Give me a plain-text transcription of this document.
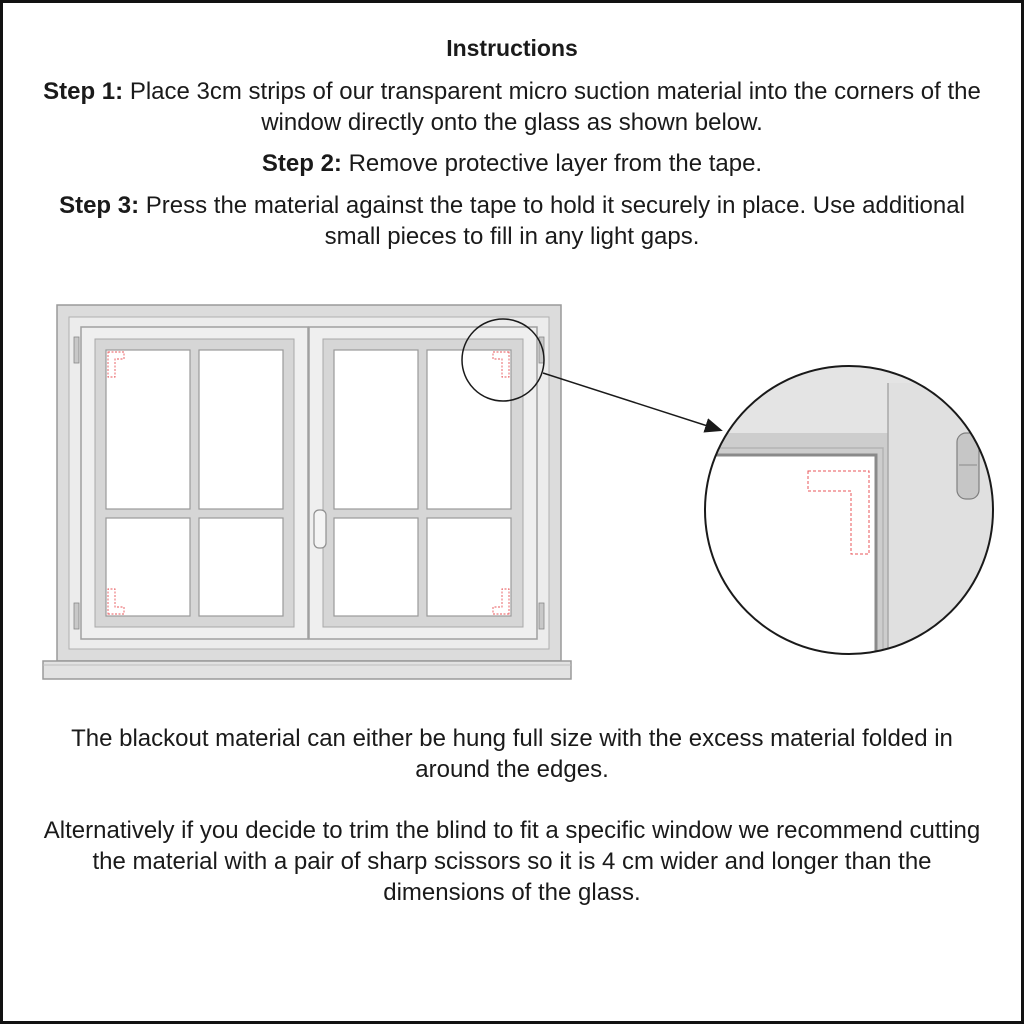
Instructions
Step 1: Place 3cm strips of our transparent micro suction material into the corners of the window directly onto the glass as shown below.
Step 2: Remove protective layer from the tape.
Step 3: Press the material against the tape to hold it securely in place. Use additional small pieces to fill in any light gaps.
The blackout material can either be hung full size with the excess material folded in around the edges.
Alternatively if you decide to trim the blind to fit a specific window we recommend cutting the material with a pair of sharp scissors so it is 4 cm wider and longer than the dimensions of the glass.
